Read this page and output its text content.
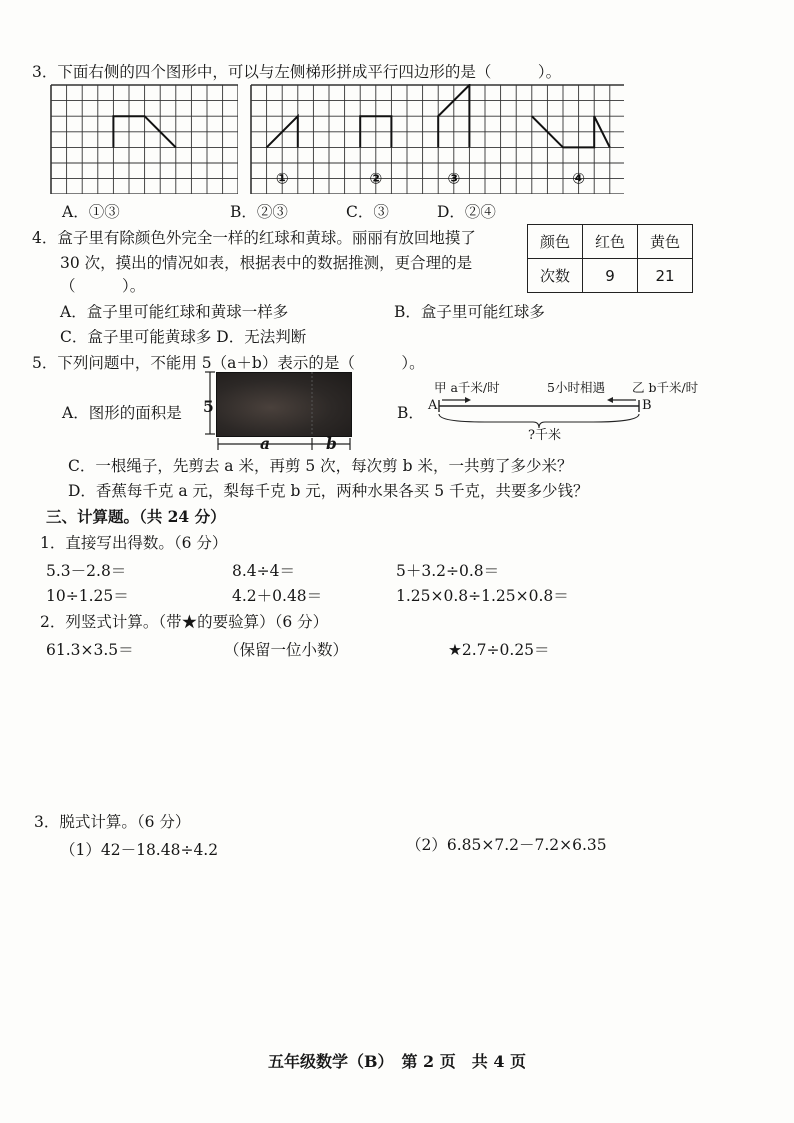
3．下面右侧的四个图形中，可以与左侧梯形拼成平行四边形的是（　　　）。
①	②	③	④
A．①③	B．②③	C．③	D．②④
4．盒子里有除颜色外完全一样的红球和黄球。丽丽有放回地摸了
30 次，摸出的情况如表，根据表中的数据推测，更合理的是
（　　　）。
颜色	红色	黄色
次数	9	21
A．盒子里可能红球和黄球一样多	B．盒子里可能红球多
C．盒子里可能黄球多 D．无法判断
5．下列问题中，不能用 5（a＋b）表示的是（　　　）。
A．图形的面积是 5
a	b
B．
甲 a千米/时	5小时相遇 乙 b千米/时
A	B
?千米
C．一根绳子，先剪去 a 米，再剪 5 次，每次剪 b 米，一共剪了多少米？
D．香蕉每千克 a 元，梨每千克 b 元，两种水果各买 5 千克，共要多少钱？
三、计算题。（共 24 分）
1．直接写出得数。（6 分）
5.3－2.8＝	8.4÷4＝	5＋3.2÷0.8＝
10÷1.25＝	4.2＋0.48＝	1.25×0.8÷1.25×0.8＝
2．列竖式计算。（带★的要验算）（6 分）
61.3×3.5＝	（保留一位小数）	★2.7÷0.25＝
3．脱式计算。（6 分）
（1）42－18.48÷4.2	（2）6.85×7.2－7.2×6.35
五年级数学（B）　第 2 页　共 4 页
